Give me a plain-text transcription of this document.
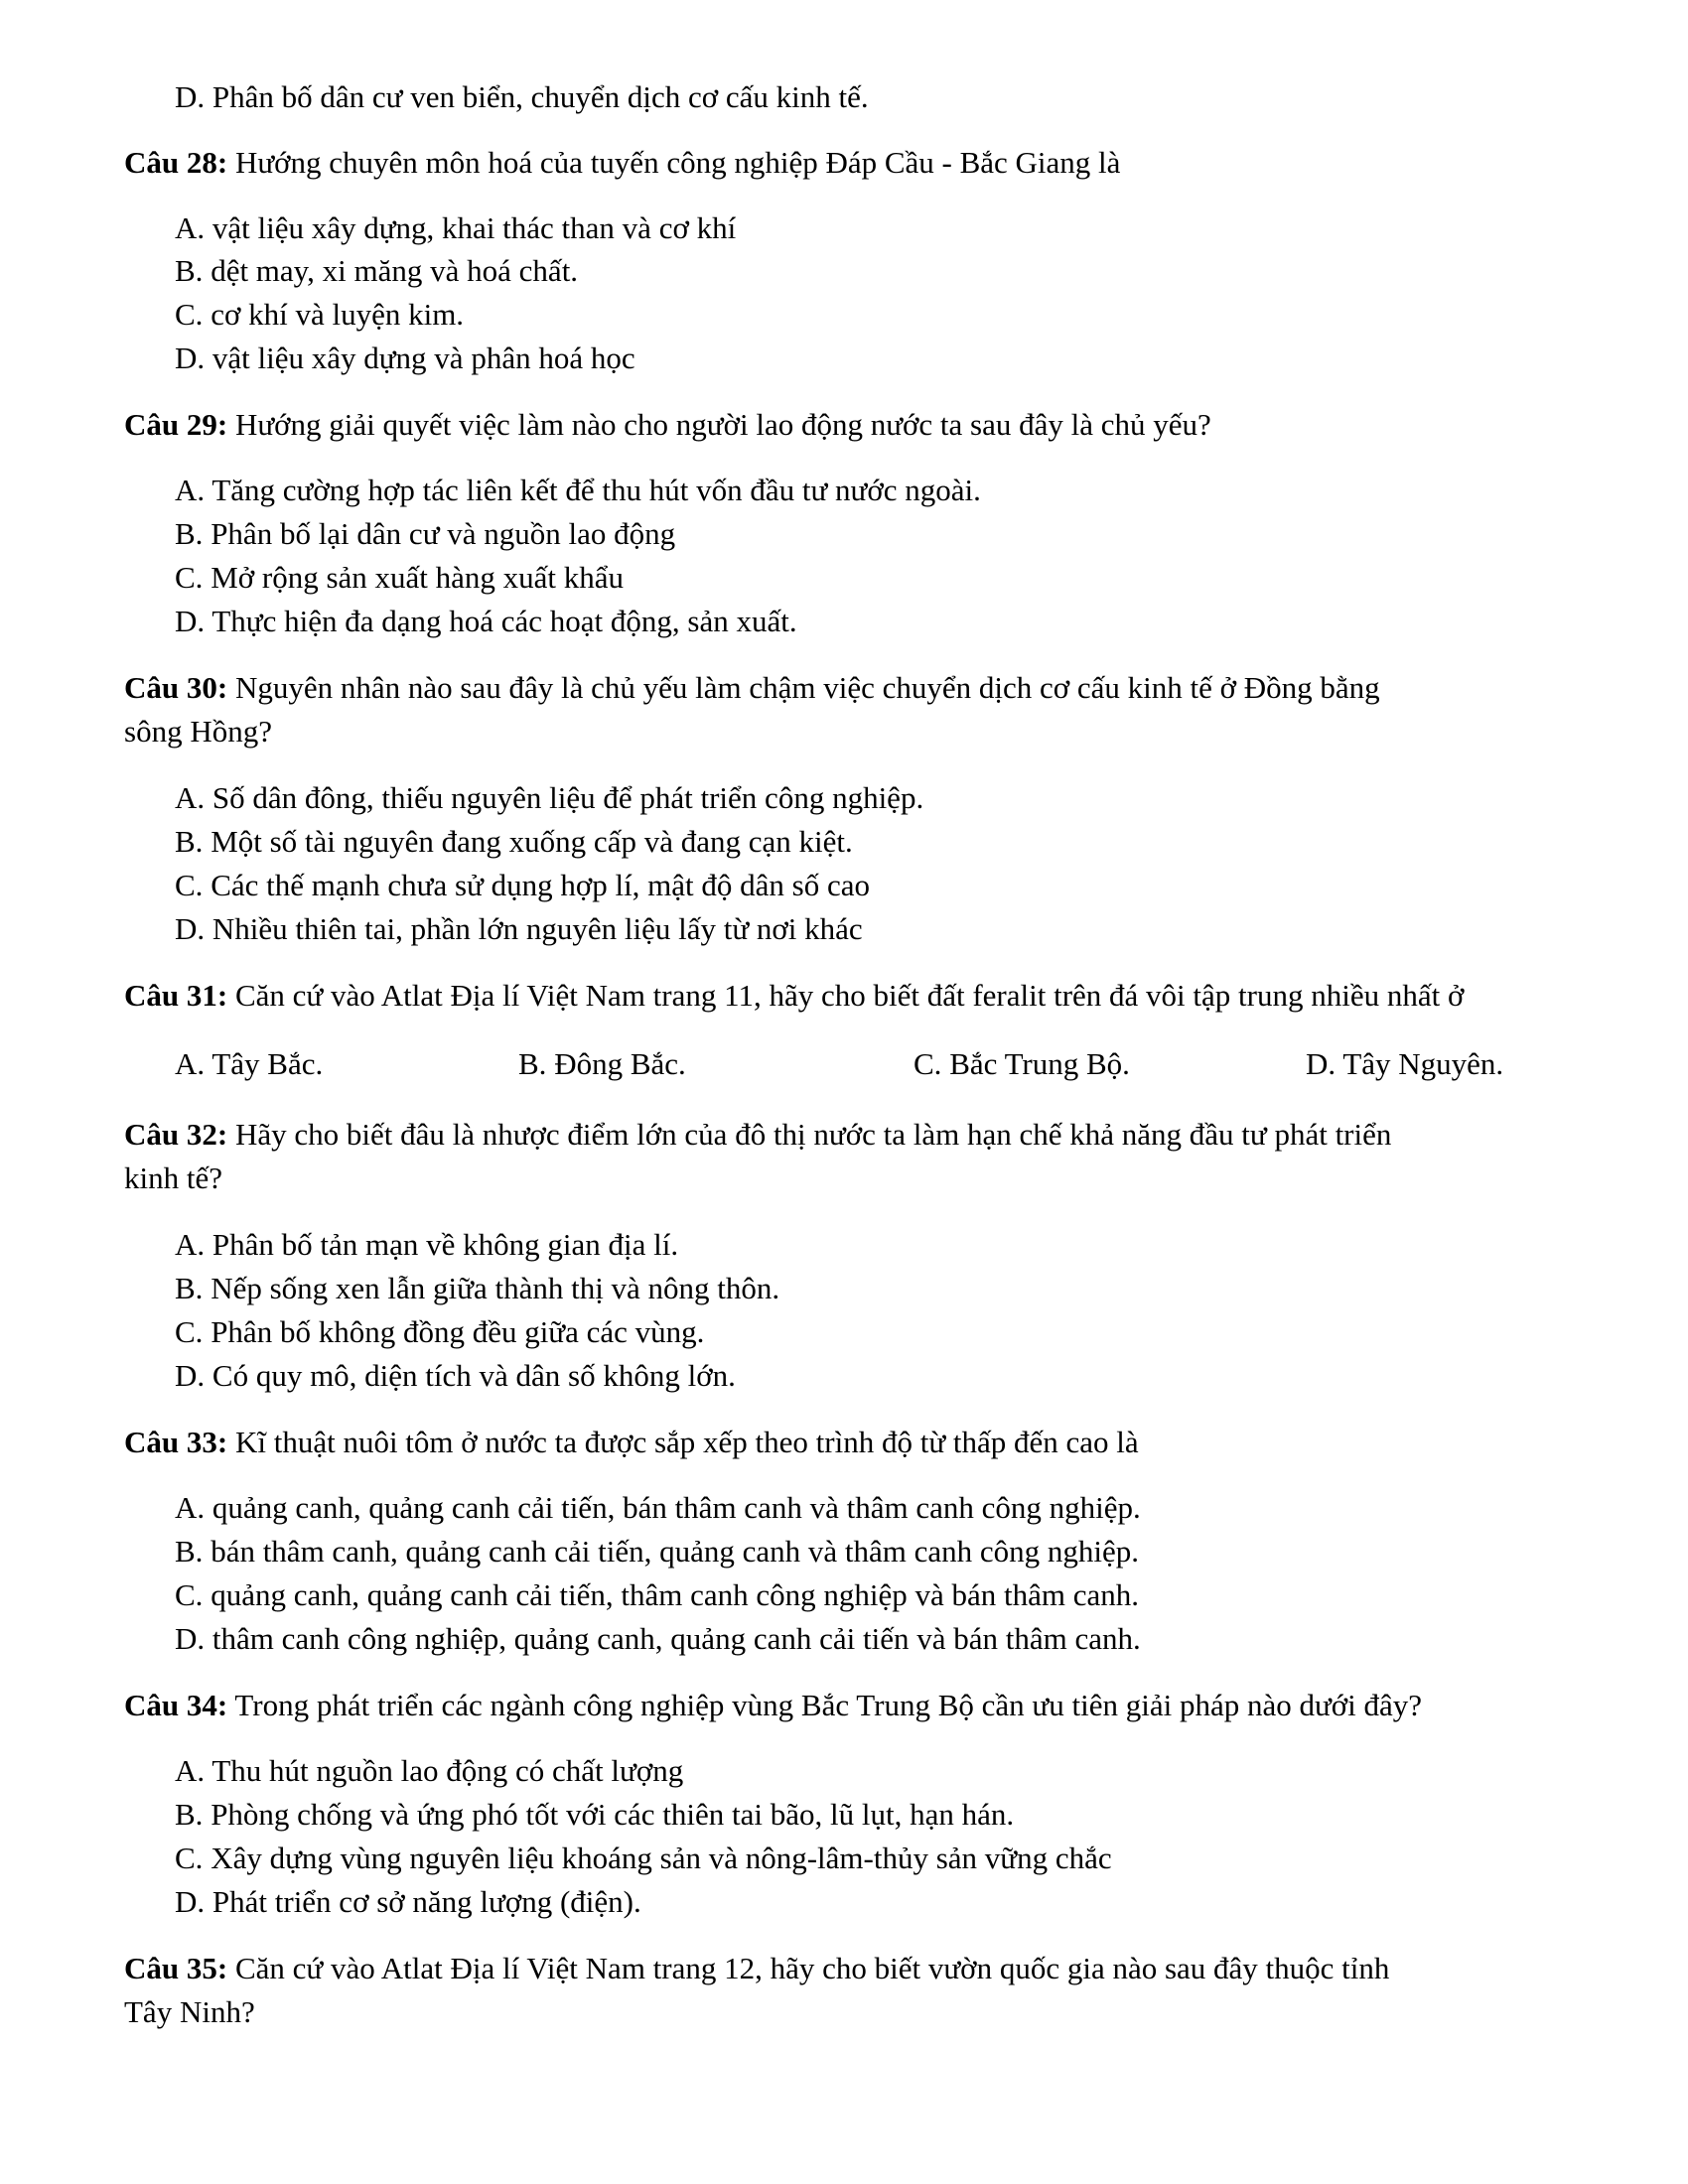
D. Phân bố dân cư ven biển, chuyển dịch cơ cấu kinh tế.
Câu 28: Hướng chuyên môn hoá của tuyến công nghiệp Đáp Cầu - Bắc Giang là
A. vật liệu xây dựng, khai thác than và cơ khí
B. dệt may, xi măng và hoá chất.
C. cơ khí và luyện kim.
D. vật liệu xây dựng và phân hoá học
Câu 29: Hướng giải quyết việc làm nào cho người lao động nước ta sau đây là chủ yếu?
A. Tăng cường hợp tác liên kết để thu hút vốn đầu tư nước ngoài.
B. Phân bố lại dân cư và nguồn lao động
C. Mở rộng sản xuất hàng xuất khẩu
D. Thực hiện đa dạng hoá các hoạt động, sản xuất.
Câu 30: Nguyên nhân nào sau đây là chủ yếu làm chậm việc chuyển dịch cơ cấu kinh tế ở Đồng bằng
sông Hồng?
A. Số dân đông, thiếu nguyên liệu để phát triển công nghiệp.
B. Một số tài nguyên đang xuống cấp và đang cạn kiệt.
C. Các thế mạnh chưa sử dụng hợp lí, mật độ dân số cao
D. Nhiều thiên tai, phần lớn nguyên liệu lấy từ nơi khác
Câu 31: Căn cứ vào Atlat Địa lí Việt Nam trang 11, hãy cho biết đất feralit trên đá vôi tập trung nhiều nhất ở
A. Tây Bắc.	B. Đông Bắc.	C. Bắc Trung Bộ.	D. Tây Nguyên.
Câu 32: Hãy cho biết đâu là nhược điểm lớn của đô thị nước ta làm hạn chế khả năng đầu tư phát triển
kinh tế?
A. Phân bố tản mạn về không gian địa lí.
B. Nếp sống xen lẫn giữa thành thị và nông thôn.
C. Phân bố không đồng đều giữa các vùng.
D. Có quy mô, diện tích và dân số không lớn.
Câu 33: Kĩ thuật nuôi tôm ở nước ta được sắp xếp theo trình độ từ thấp đến cao là
A. quảng canh, quảng canh cải tiến, bán thâm canh và thâm canh công nghiệp.
B. bán thâm canh, quảng canh cải tiến, quảng canh và thâm canh công nghiệp.
C. quảng canh, quảng canh cải tiến, thâm canh công nghiệp và bán thâm canh.
D. thâm canh công nghiệp, quảng canh, quảng canh cải tiến và bán thâm canh.
Câu 34: Trong phát triển các ngành công nghiệp vùng Bắc Trung Bộ cần ưu tiên giải pháp nào dưới đây?
A. Thu hút nguồn lao động có chất lượng
B. Phòng chống và ứng phó tốt với các thiên tai bão, lũ lụt, hạn hán.
C. Xây dựng vùng nguyên liệu khoáng sản và nông-lâm-thủy sản vững chắc
D. Phát triển cơ sở năng lượng (điện).
Câu 35: Căn cứ vào Atlat Địa lí Việt Nam trang 12, hãy cho biết vườn quốc gia nào sau đây thuộc tỉnh
Tây Ninh?
